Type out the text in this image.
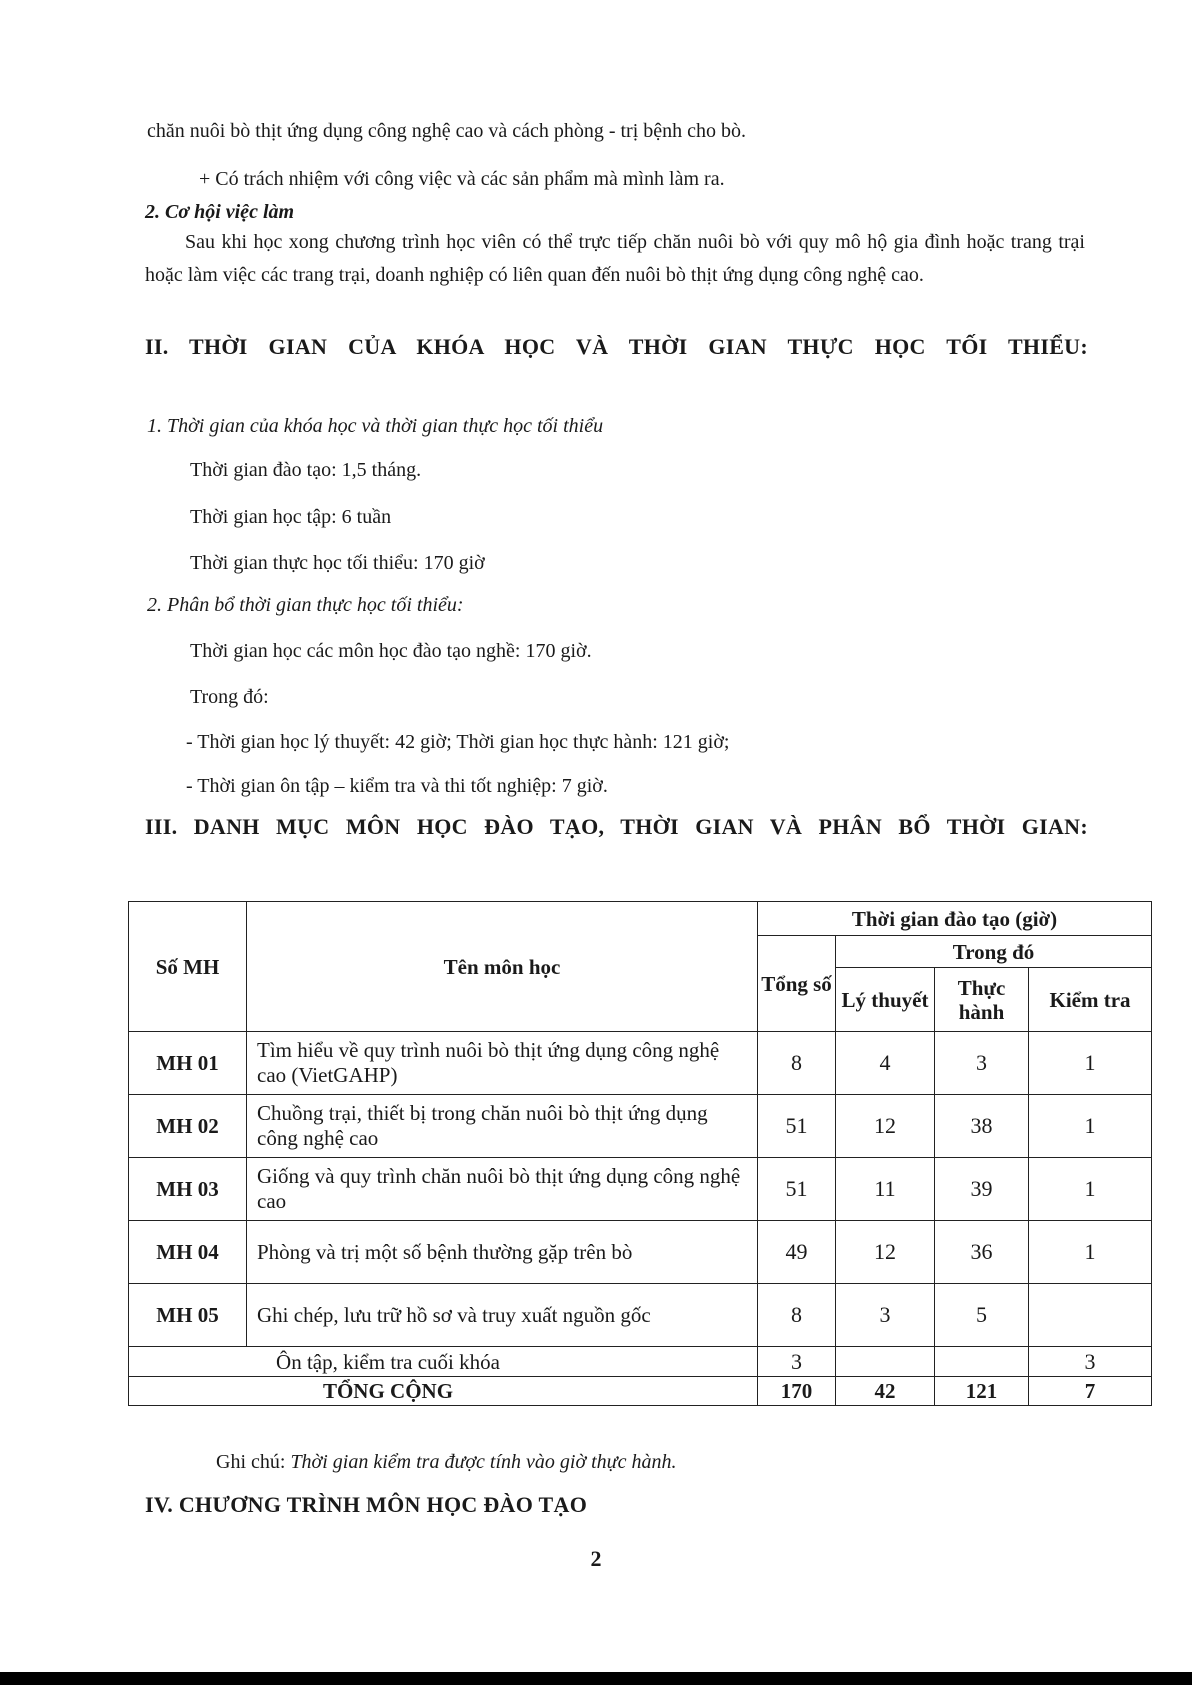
chăn nuôi bò thịt ứng dụng công nghệ cao và cách phòng - trị bệnh cho bò.

+ Có trách nhiệm với công việc và các sản phẩm mà mình làm ra.

2. Cơ hội việc làm

Sau khi học xong chương trình học viên có thể trực tiếp chăn nuôi bò với quy mô hộ gia đình hoặc trang trại hoặc làm việc các trang trại, doanh nghiệp có liên quan đến nuôi bò thịt ứng dụng công nghệ cao.

II. THỜI GIAN CỦA KHÓA HỌC VÀ THỜI GIAN THỰC HỌC TỐI THIỂU:

1. Thời gian của khóa học và thời gian thực học tối thiểu

Thời gian đào tạo: 1,5 tháng.

Thời gian học tập: 6 tuần

Thời gian thực học tối thiểu: 170 giờ

2. Phân bổ thời gian thực học tối thiểu:

Thời gian học các môn học đào tạo nghề: 170 giờ.

Trong đó:

- Thời gian học lý thuyết: 42 giờ; Thời gian học thực hành: 121 giờ;

- Thời gian ôn tập – kiểm tra và thi tốt nghiệp: 7 giờ.

III. DANH MỤC MÔN HỌC ĐÀO TẠO, THỜI GIAN VÀ PHÂN BỔ THỜI GIAN:

Số MH	Tên môn học	Thời gian đào tạo (giờ)			
		Tổng số	Trong đó		
			Lý thuyết	Thực hành	Kiểm tra
MH 01	Tìm hiểu về quy trình nuôi bò thịt ứng dụng công nghệ cao (VietGAHP)	8	4	3	1
MH 02	Chuồng trại, thiết bị trong chăn nuôi bò thịt ứng dụng công nghệ cao	51	12	38	1
MH 03	Giống và quy trình chăn nuôi bò thịt ứng dụng công nghệ cao	51	11	39	1
MH 04	Phòng và trị một số bệnh thường gặp trên bò	49	12	36	1
MH 05	Ghi chép, lưu trữ hồ sơ và truy xuất nguồn gốc	8	3	5	
Ôn tập, kiểm tra cuối khóa		3			3
TỔNG CỘNG		170	42	121	7

Ghi chú: Thời gian kiểm tra được tính vào giờ thực hành.

IV. CHƯƠNG TRÌNH MÔN HỌC ĐÀO TẠO

2
